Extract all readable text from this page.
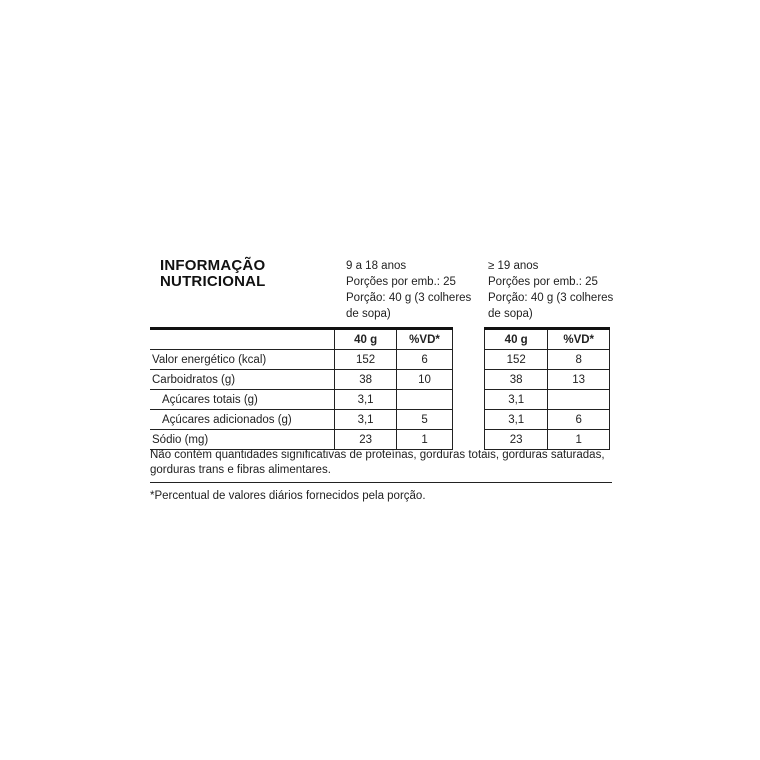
INFORMAÇÃO
NUTRICIONAL
9 a 18 anos
Porções por emb.: 25
Porção: 40 g (3 colheres
de sopa)
≥ 19 anos
Porções por emb.: 25
Porção: 40 g (3 colheres
de sopa)
	40 g	%VD*
Valor energético (kcal)	152	6
Carboidratos (g)	38	10
Açúcares totais (g)	3,1	
Açúcares adicionados (g)	3,1	5
Sódio (mg)	23	1
40 g	%VD*
152	8
38	13
3,1	
3,1	6
23	1
Não contém quantidades significativas de proteínas, gorduras totais, gorduras saturadas, gorduras trans e fibras alimentares.
*Percentual de valores diários fornecidos pela porção.
